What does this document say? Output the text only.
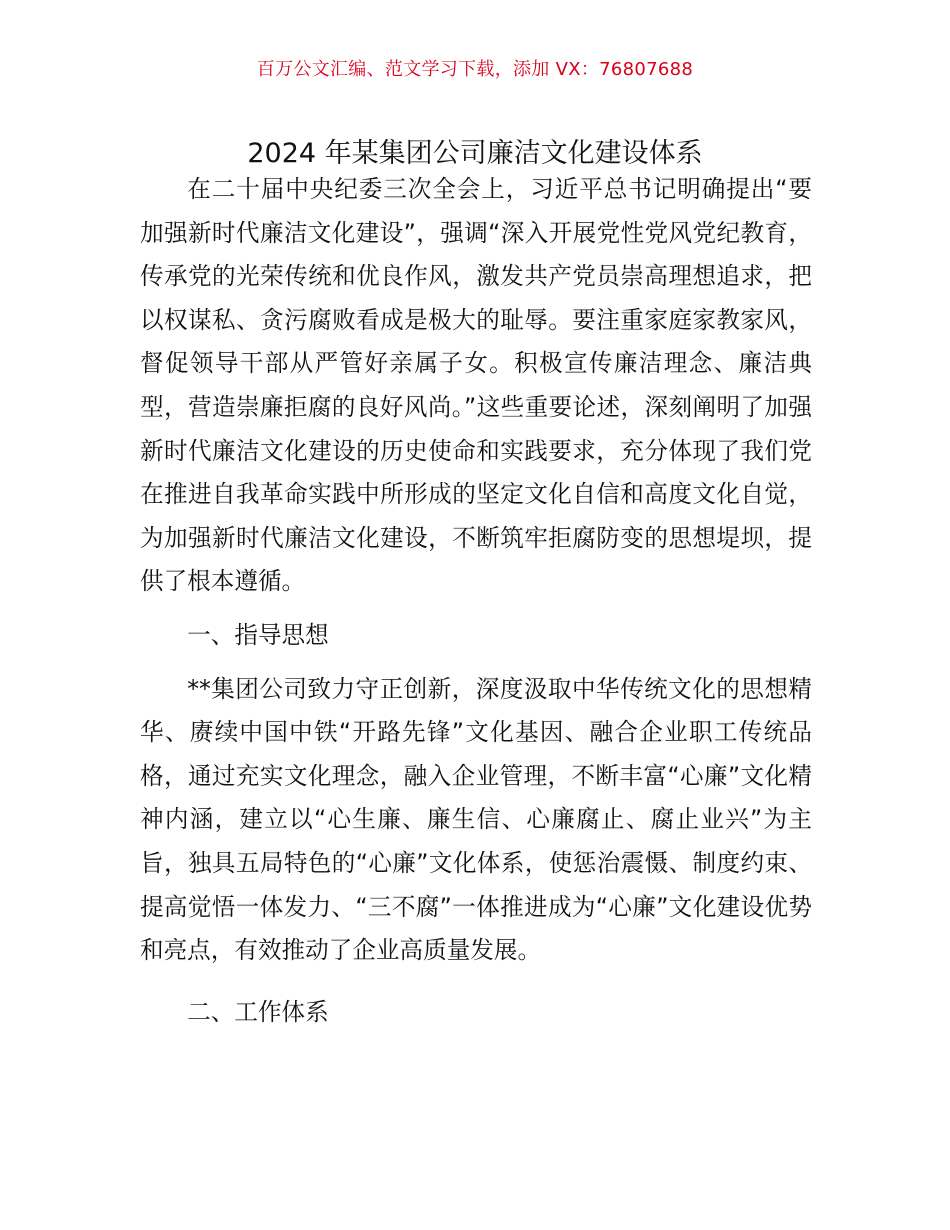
百万公文汇编、范文学习下载，添加 VX：76807688
2024 年某集团公司廉洁文化建设体系

在二十届中央纪委三次全会上，习近平总书记明确提出“要加强新时代廉洁文化建设”，强调“深入开展党性党风党纪教育，传承党的光荣传统和优良作风，激发共产党员崇高理想追求，把以权谋私、贪污腐败看成是极大的耻辱。要注重家庭家教家风，督促领导干部从严管好亲属子女。积极宣传廉洁理念、廉洁典型，营造崇廉拒腐的良好风尚。”这些重要论述，深刻阐明了加强新时代廉洁文化建设的历史使命和实践要求，充分体现了我们党在推进自我革命实践中所形成的坚定文化自信和高度文化自觉，为加强新时代廉洁文化建设，不断筑牢拒腐防变的思想堤坝，提供了根本遵循。

一、指导思想

**集团公司致力守正创新，深度汲取中华传统文化的思想精华、赓续中国中铁“开路先锋”文化基因、融合企业职工传统品格，通过充实文化理念，融入企业管理，不断丰富“心廉”文化精神内涵，建立以“心生廉、廉生信、心廉腐止、腐止业兴”为主旨，独具五局特色的“心廉”文化体系，使惩治震慑、制度约束、提高觉悟一体发力、“三不腐”一体推进成为“心廉”文化建设优势和亮点，有效推动了企业高质量发展。

二、工作体系
